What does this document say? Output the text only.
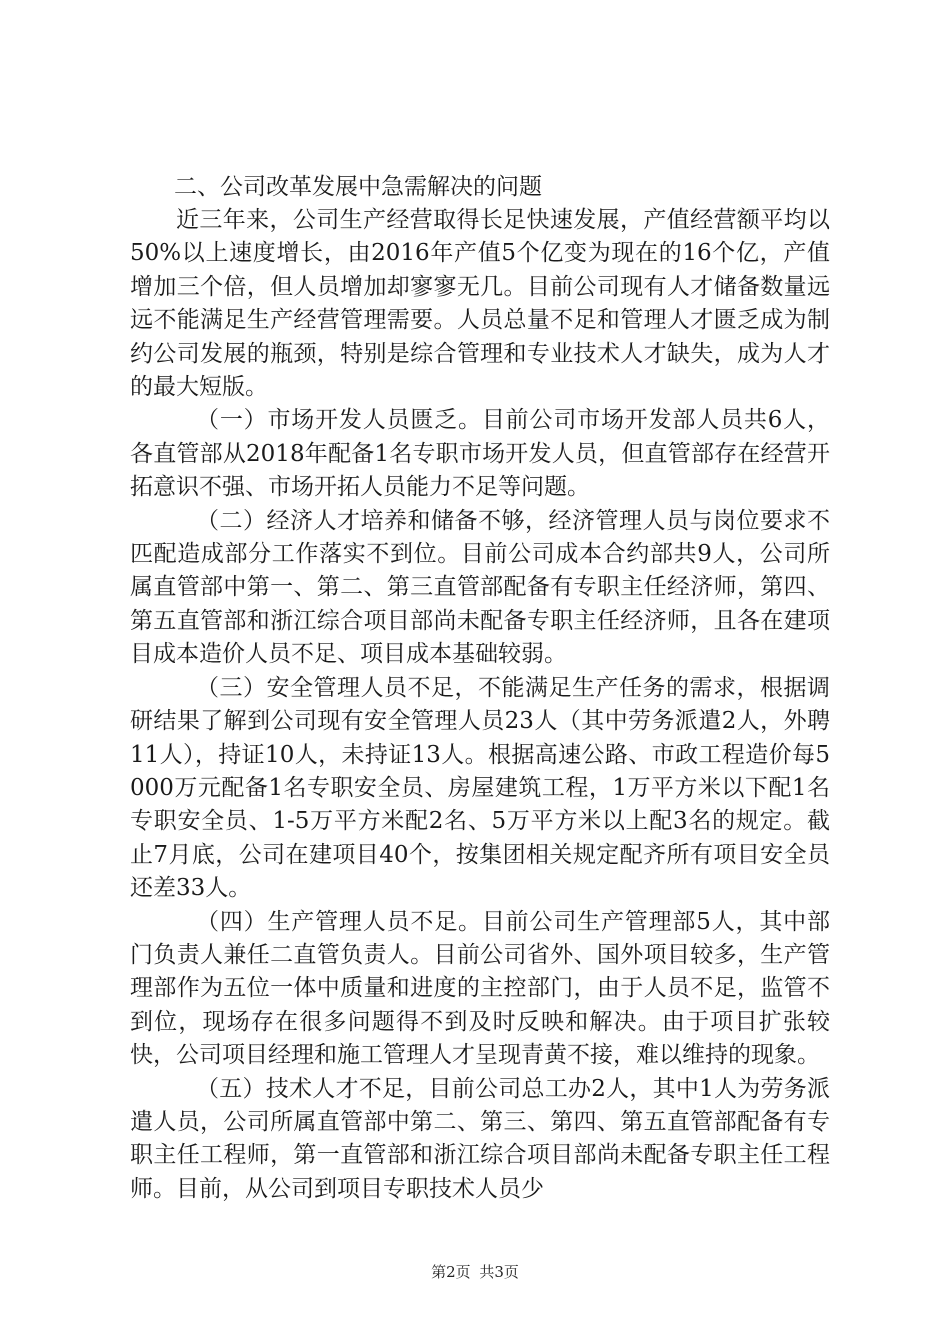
二、公司改革发展中急需解决的问题

近三年来，公司生产经营取得长足快速发展，产值经营额平均以50%以上速度增长，由2016年产值5个亿变为现在的16个亿，产值增加三个倍，但人员增加却寥寥无几。目前公司现有人才储备数量远远不能满足生产经营管理需要。人员总量不足和管理人才匮乏成为制约公司发展的瓶颈，特别是综合管理和专业技术人才缺失，成为人才的最大短版。

（一）市场开发人员匮乏。目前公司市场开发部人员共6人，各直管部从2018年配备1名专职市场开发人员，但直管部存在经营开拓意识不强、市场开拓人员能力不足等问题。

（二）经济人才培养和储备不够，经济管理人员与岗位要求不匹配造成部分工作落实不到位。目前公司成本合约部共9人，公司所属直管部中第一、第二、第三直管部配备有专职主任经济师，第四、第五直管部和浙江综合项目部尚未配备专职主任经济师，且各在建项目成本造价人员不足、项目成本基础较弱。

（三）安全管理人员不足，不能满足生产任务的需求，根据调研结果了解到公司现有安全管理人员23人（其中劳务派遣2人，外聘11人），持证10人，未持证13人。根据高速公路、市政工程造价每5000万元配备1名专职安全员、房屋建筑工程，1万平方米以下配1名专职安全员、1-5万平方米配2名、5万平方米以上配3名的规定。截止7月底，公司在建项目40个，按集团相关规定配齐所有项目安全员还差33人。

（四）生产管理人员不足。目前公司生产管理部5人，其中部门负责人兼任二直管负责人。目前公司省外、国外项目较多，生产管理部作为五位一体中质量和进度的主控部门，由于人员不足，监管不到位，现场存在很多问题得不到及时反映和解决。由于项目扩张较快，公司项目经理和施工管理人才呈现青黄不接，难以维持的现象。

（五）技术人才不足，目前公司总工办2人，其中1人为劳务派遣人员，公司所属直管部中第二、第三、第四、第五直管部配备有专职主任工程师，第一直管部和浙江综合项目部尚未配备专职主任工程师。目前，从公司到项目专职技术人员少

第2页 共3页
